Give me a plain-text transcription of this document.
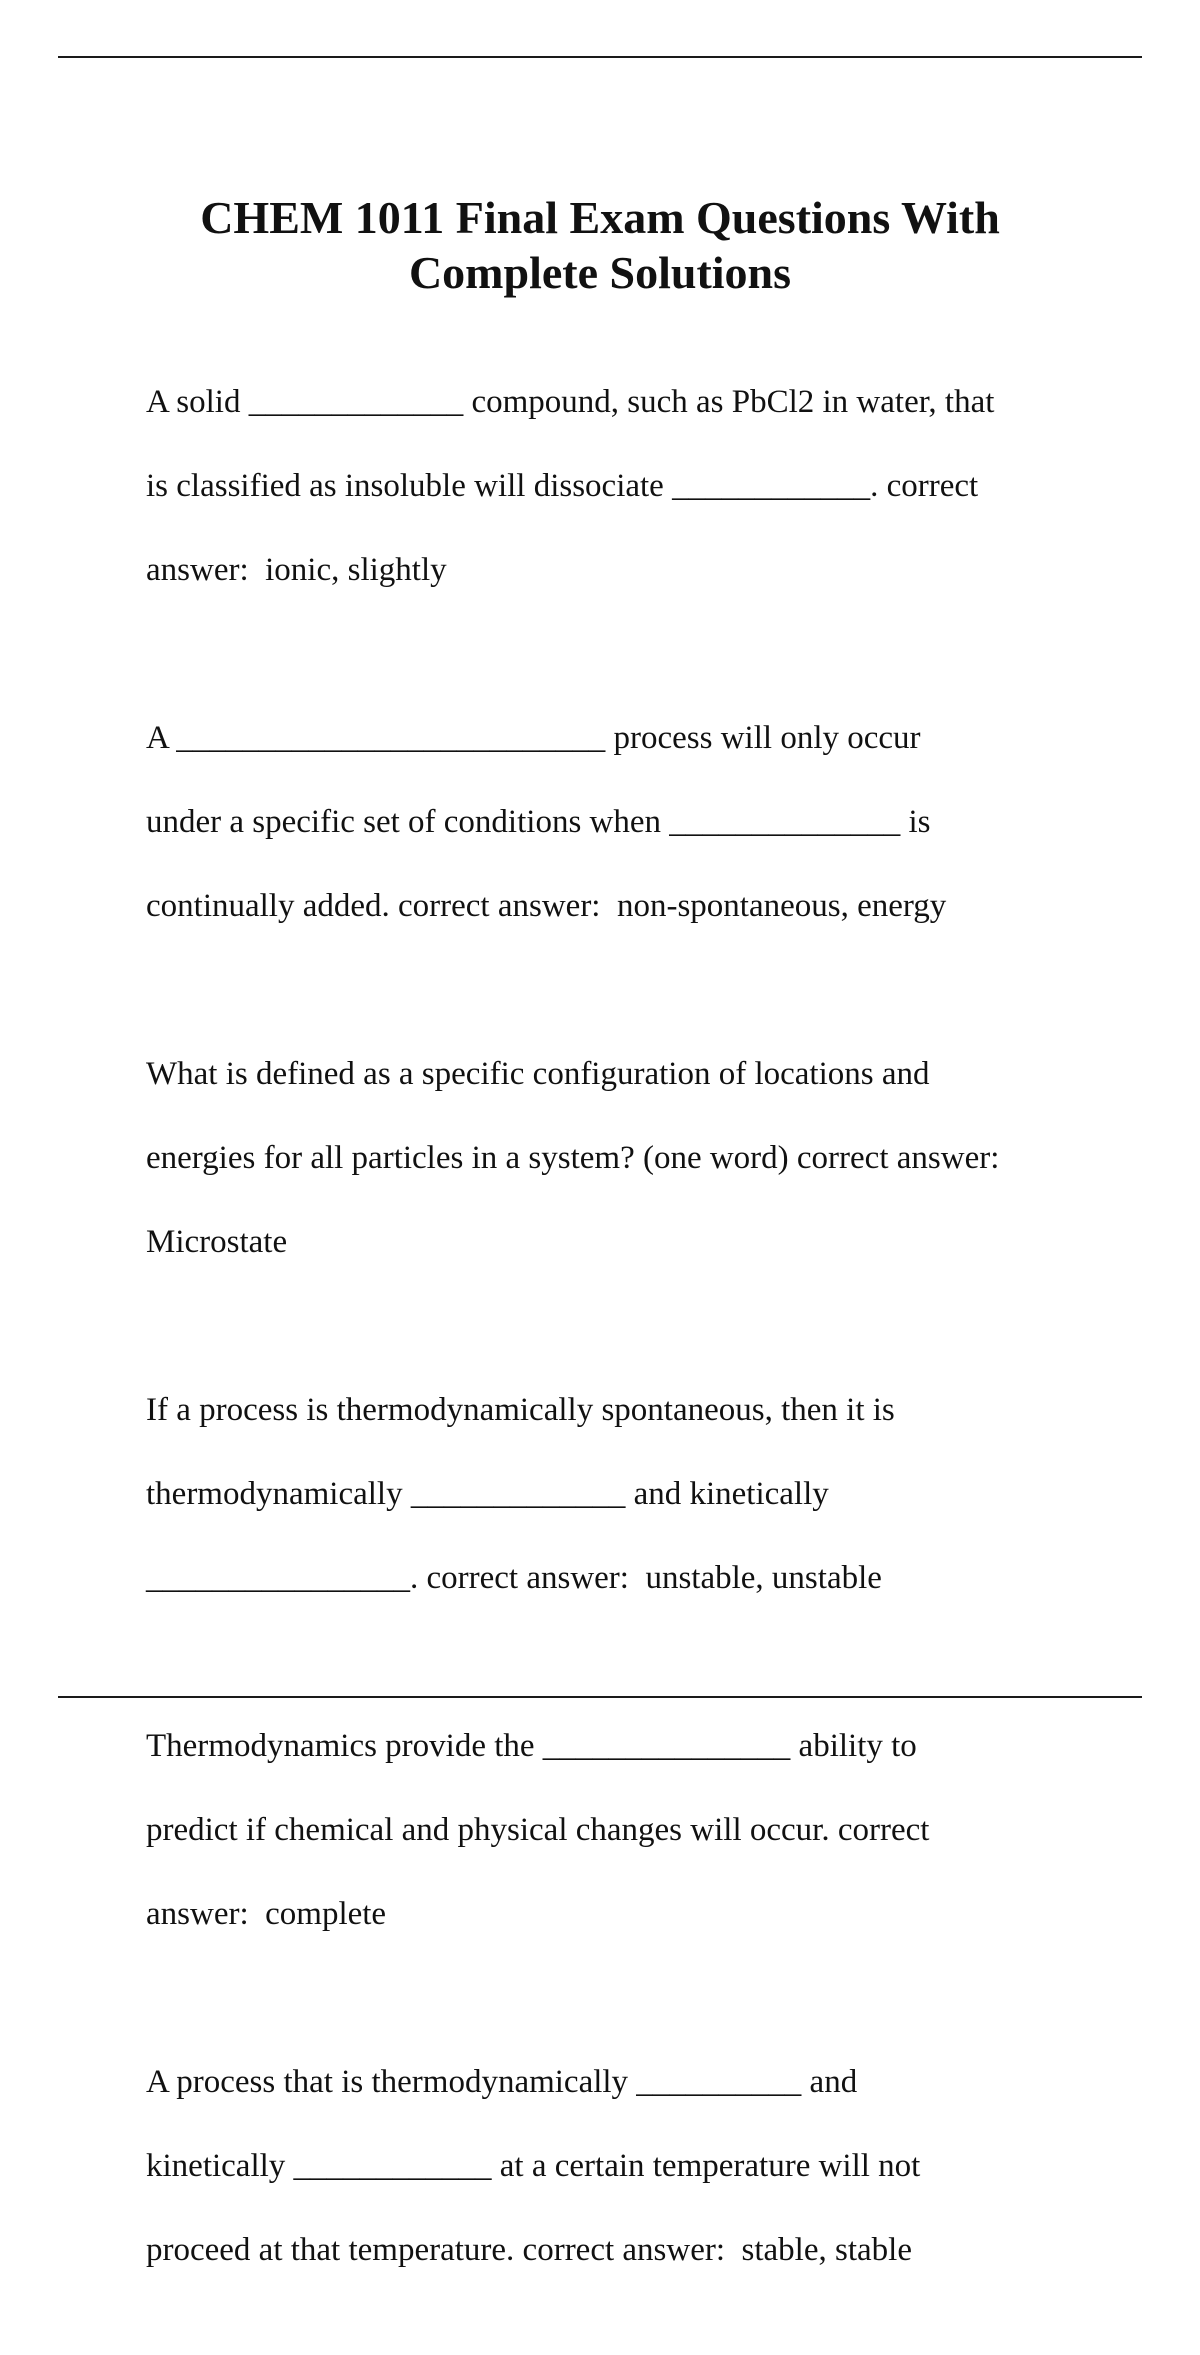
CHEM 1011 Final Exam Questions With
Complete Solutions

A solid _____________ compound, such as PbCl2 in water, that

is classified as insoluble will dissociate ____________. correct

answer:  ionic, slightly

A __________________________ process will only occur

under a specific set of conditions when ______________ is

continually added. correct answer:  non-spontaneous, energy

What is defined as a specific configuration of locations and

energies for all particles in a system? (one word) correct answer:

Microstate

If a process is thermodynamically spontaneous, then it is

thermodynamically _____________ and kinetically

________________. correct answer:  unstable, unstable

Thermodynamics provide the _______________ ability to

predict if chemical and physical changes will occur. correct

answer:  complete

A process that is thermodynamically __________ and

kinetically ____________ at a certain temperature will not

proceed at that temperature. correct answer:  stable, stable
